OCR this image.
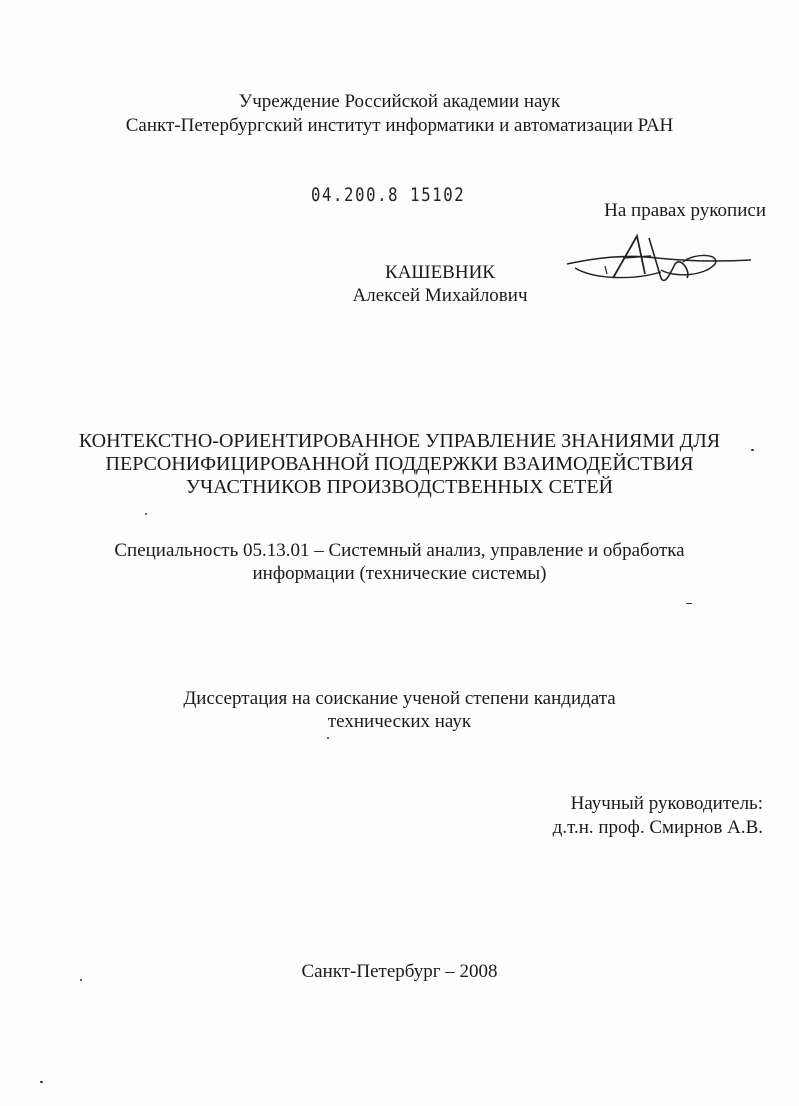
Учреждение Российской академии наук
Санкт-Петербургский институт информатики и автоматизации РАН
04.200.8 15102
На правах рукописи
КАШЕВНИК
Алексей Михайлович
КОНТЕКСТНО-ОРИЕНТИРОВАННОЕ УПРАВЛЕНИЕ ЗНАНИЯМИ ДЛЯ
ПЕРСОНИФИЦИРОВАННОЙ ПОДДЕРЖКИ ВЗАИМОДЕЙСТВИЯ
УЧАСТНИКОВ ПРОИЗВОДСТВЕННЫХ СЕТЕЙ
Специальность 05.13.01 – Системный анализ, управление и обработка
информации (технические системы)
Диссертация на соискание ученой степени кандидата
технических наук
Научный руководитель:
д.т.н. проф. Смирнов А.В.
Санкт-Петербург – 2008
